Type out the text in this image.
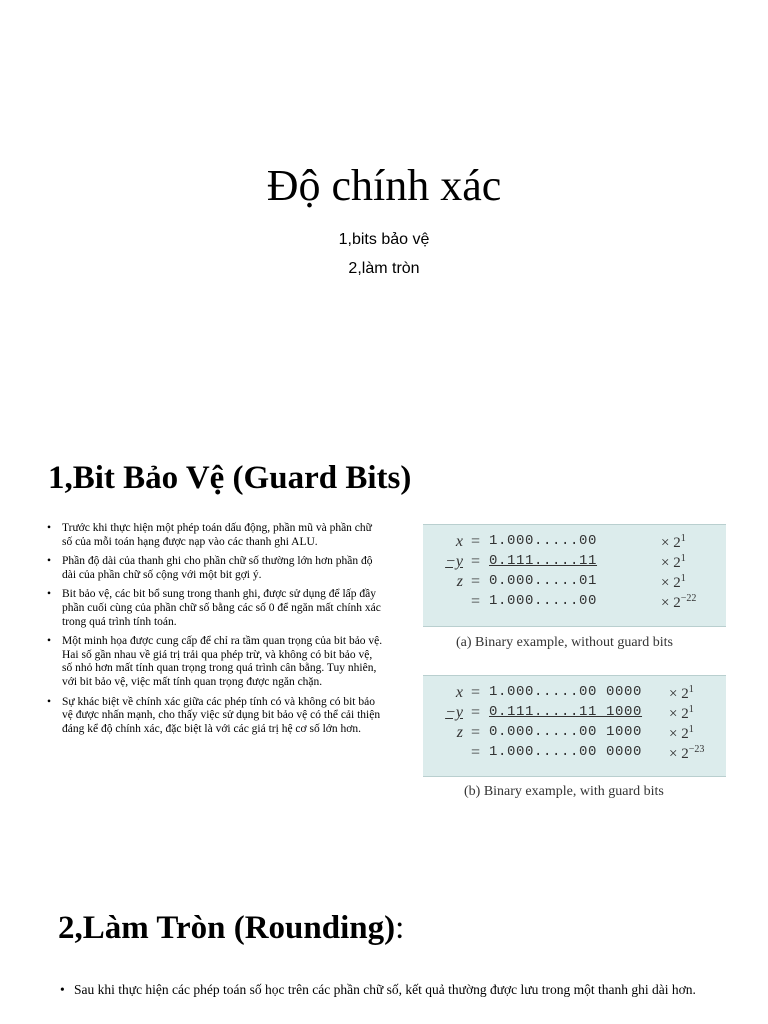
Độ chính xác

1,bits bảo vệ

2,làm tròn

1,Bit Bảo Vệ (Guard Bits)
• Trước khi thực hiện một phép toán dấu động, phần mũ và phần chữ số của mỗi toán hạng được nạp vào các thanh ghi ALU.
• Phần độ dài của thanh ghi cho phần chữ số thường lớn hơn phần độ dài của phần chữ số cộng với một bit gợi ý.
• Bit bảo vệ, các bit bổ sung trong thanh ghi, được sử dụng để lấp đầy phần cuối cùng của phần chữ số bằng các số 0 để ngăn mất chính xác trong quá trình tính toán.
• Một minh họa được cung cấp để chỉ ra tầm quan trọng của bit bảo vệ. Hai số gần nhau về giá trị trải qua phép trừ, và không có bit bảo vệ, số nhỏ hơn mất tính quan trọng trong quá trình cân bằng. Tuy nhiên, với bit bảo vệ, việc mất tính quan trọng được ngăn chặn.
• Sự khác biệt về chính xác giữa các phép tính có và không có bit bảo vệ được nhấn mạnh, cho thấy việc sử dụng bit bảo vệ có thể cải thiện đáng kể độ chính xác, đặc biệt là với các giá trị hệ cơ số lớn hơn.
x = 1.000.....00	× $2^1$
−y = 0.111.....11	× $2^1$
z = 0.000.....01	× $2^1$
= 1.000.....00	× $2^{-22}$
(a) Binary example, without guard bits
x = 1.000.....00 $0000 \times 2^1$
−y = 0.111.....11 $1000 \times 2^1$
z = 0.000.....00 $1000 \times 2^1$
= 1.000.....00 $0000 \times 2^{-23}$
(b) Binary example, with guard bits
2,Làm Tròn (Rounding):
• Sau khi thực hiện các phép toán số học trên các phần chữ số, kết quả thường được lưu trong một thanh ghi dài hơn.
